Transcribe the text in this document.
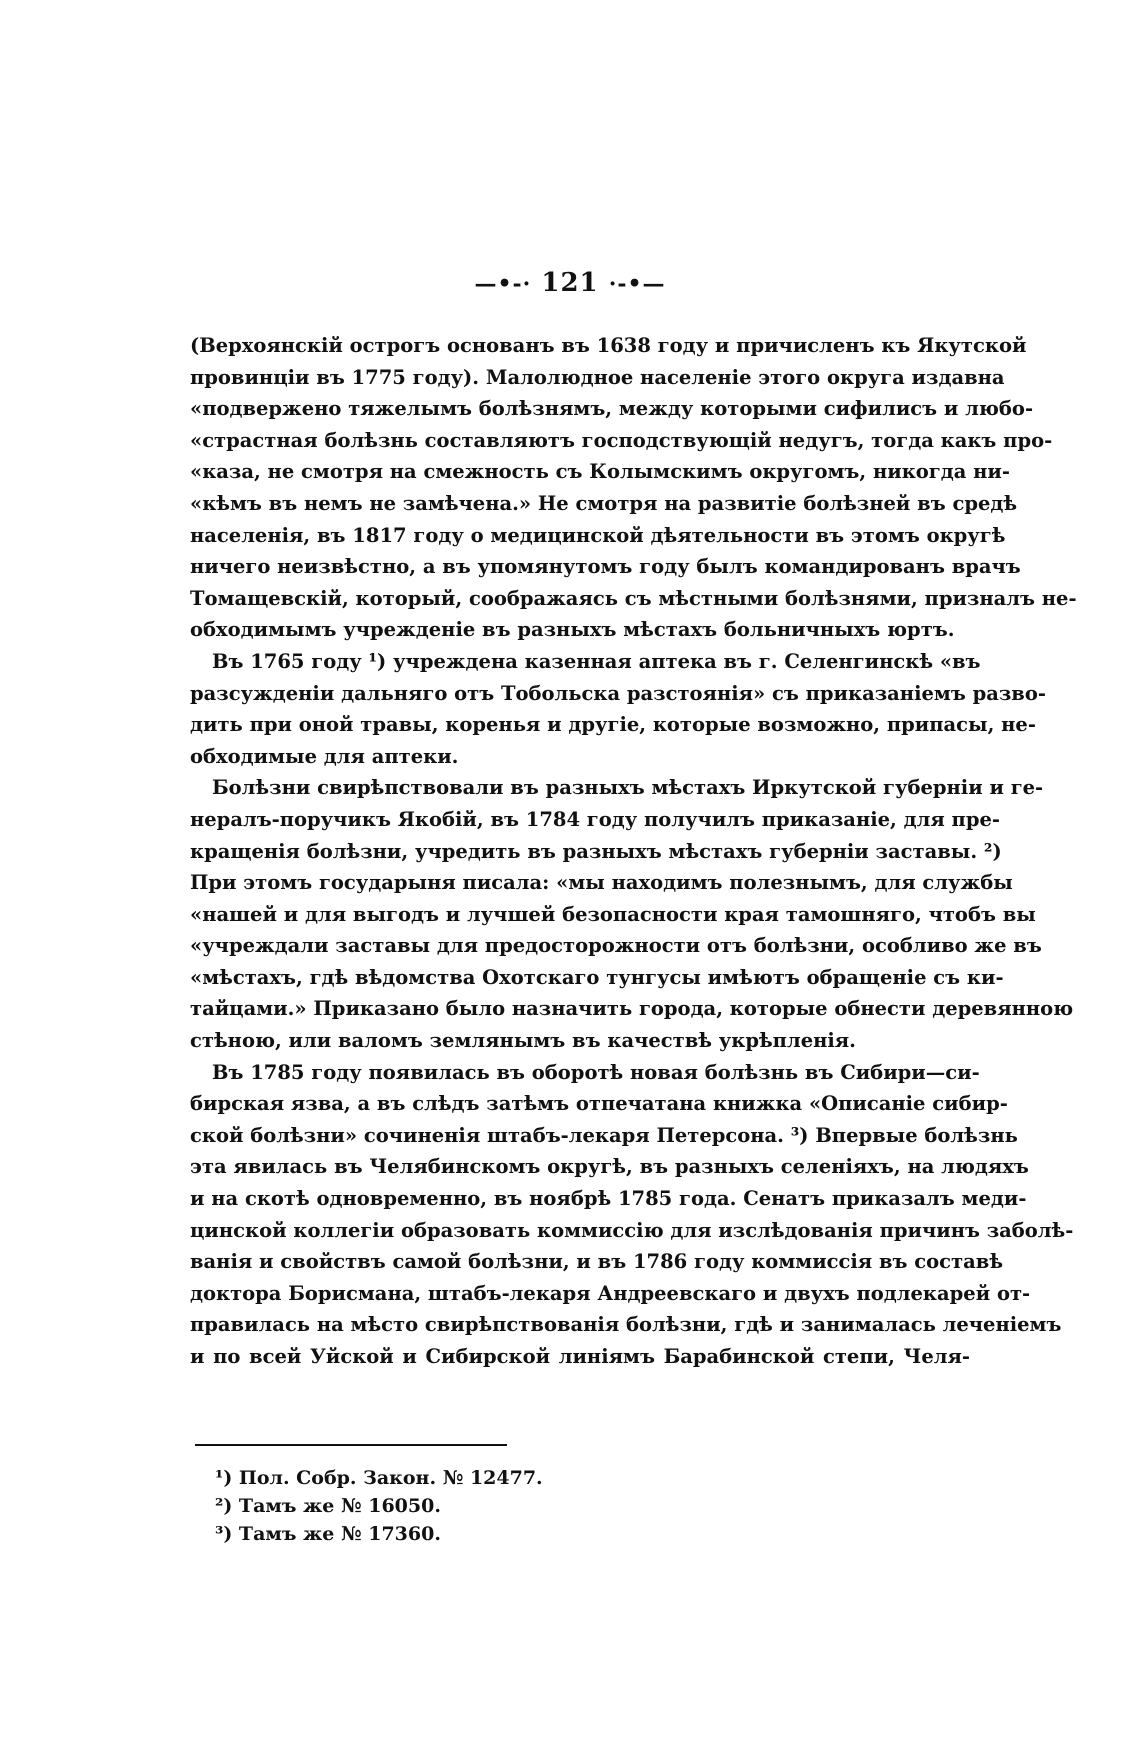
—•‑· 121 ·‑•—
(Верхоянскій острогъ основанъ въ 1638 году и причисленъ къ Якутской
провинціи въ 1775 году). Малолюдное населеніе этого округа издавна
«подвержено тяжелымъ болѣзнямъ, между которыми сифилисъ и любо-
«страстная болѣзнь составляютъ господствующій недугъ, тогда какъ про-
«каза, не смотря на смежность съ Колымскимъ округомъ, никогда ни-
«кѣмъ въ немъ не замѣчена.» Не смотря на развитіе болѣзней въ средѣ
населенія, въ 1817 году о медицинской дѣятельности въ этомъ округѣ
ничего неизвѣстно, а въ упомянутомъ году былъ командированъ врачъ
Томащевскій, который, соображаясь съ мѣстными болѣзнями, призналъ не-
обходимымъ учрежденіе въ разныхъ мѣстахъ больничныхъ юртъ.
Въ 1765 году ¹) учреждена казенная аптека въ г. Селенгинскѣ «въ
разсужденіи дальняго отъ Тобольска разстоянія» съ приказаніемъ разво-
дить при оной травы, коренья и другіе, которые возможно, припасы, не-
обходимые для аптеки.
Болѣзни свирѣпствовали въ разныхъ мѣстахъ Иркутской губерніи и ге-
нералъ-поручикъ Якобій, въ 1784 году получилъ приказаніе, для пре-
кращенія болѣзни, учредить въ разныхъ мѣстахъ губерніи заставы. ²)
При этомъ государыня писала: «мы находимъ полезнымъ, для службы
«нашей и для выгодъ и лучшей безопасности края тамошняго, чтобъ вы
«учреждали заставы для предосторожности отъ болѣзни, особливо же въ
«мѣстахъ, гдѣ вѣдомства Охотскаго тунгусы имѣютъ обращеніе съ ки-
тайцами.» Приказано было назначить города, которые обнести деревянною
стѣною, или валомъ землянымъ въ качествѣ укрѣпленія.
Въ 1785 году появилась въ оборотѣ новая болѣзнь въ Сибири—си-
бирская язва, а въ слѣдъ затѣмъ отпечатана книжка «Описаніе сибир-
ской болѣзни» сочиненія штабъ-лекаря Петерсона. ³) Впервые болѣзнь
эта явилась въ Челябинскомъ округѣ, въ разныхъ селеніяхъ, на людяхъ
и на скотѣ одновременно, въ ноябрѣ 1785 года. Сенатъ приказалъ меди-
цинской коллегіи образовать коммиссію для изслѣдованія причинъ заболѣ-
ванія и свойствъ самой болѣзни, и въ 1786 году коммиссія въ составѣ
доктора Борисмана, штабъ-лекаря Андреевскаго и двухъ подлекарей от-
правилась на мѣсто свирѣпствованія болѣзни, гдѣ и занималась леченіемъ
и по всей Уйской и Сибирской линіямъ Барабинской степи, Челя-
¹) Пол. Собр. Закон. № 12477.
²) Тамъ же № 16050.
³) Тамъ же № 17360.
